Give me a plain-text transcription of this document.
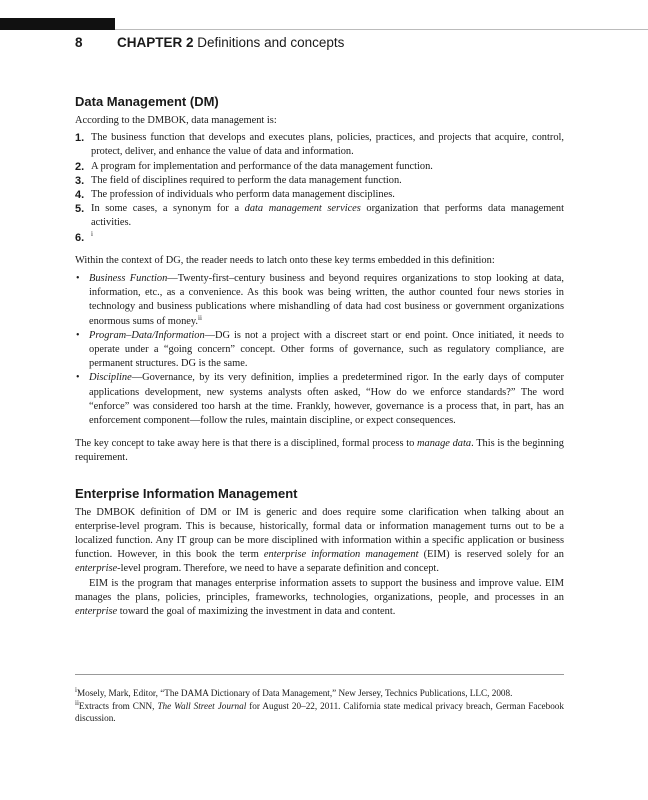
8	CHAPTER 2 Definitions and concepts
Data Management (DM)

According to the DMBOK, data management is:

1. The business function that develops and executes plans, policies, practices, and projects that acquire, control, protect, deliver, and enhance the value of data and information.
2. A program for implementation and performance of the data management function.
3. The field of disciplines required to perform the data management function.
4. The profession of individuals who perform data management disciplines.
5. In some cases, a synonym for a data management services organization that performs data management activities.
6. $^i$

Within the context of DG, the reader needs to latch onto these key terms embedded in this definition:

• Business Function—Twenty-first–century business and beyond requires organizations to stop looking at data, information, etc., as a convenience. As this book was being written, the author counted four news stories in technology and business publications where mishandling of data had cost business or government organizations enormous sums of money.$^{ii}$
• Program–Data/Information—DG is not a project with a discreet start or end point. Once initiated, it needs to operate under a “going concern” concept. Other forms of governance, such as regulatory compliance, are permanent structures. DG is the same.
• Discipline—Governance, by its very definition, implies a predetermined rigor. In the early days of computer applications development, new systems analysts often asked, “How do we enforce standards?” The word “enforce” was considered too harsh at the time. Frankly, however, governance is a process that, in part, has an enforcement component—follow the rules, maintain discipline, or expect consequences.

The key concept to take away here is that there is a disciplined, formal process to manage data. This is the beginning requirement.

Enterprise Information Management

The DMBOK definition of DM or IM is generic and does require some clarification when talking about an enterprise-level program. This is because, historically, formal data or information management turns out to be a localized function. Any IT group can be more disciplined with information within a specific application or business function. However, in this book the term enterprise information management (EIM) is reserved solely for an enterprise-level program. Therefore, we need to have a separate definition and concept.

EIM is the program that manages enterprise information assets to support the business and improve value. EIM manages the plans, policies, principles, frameworks, technologies, organizations, people, and processes in an enterprise toward the goal of maximizing the investment in data and content.

$^i$Mosely, Mark, Editor, “The DAMA Dictionary of Data Management,” New Jersey, Technics Publications, LLC, 2008.

$^{ii}$Extracts from CNN, The Wall Street Journal for August 20–22, 2011. California state medical privacy breach, German Facebook discussion.
